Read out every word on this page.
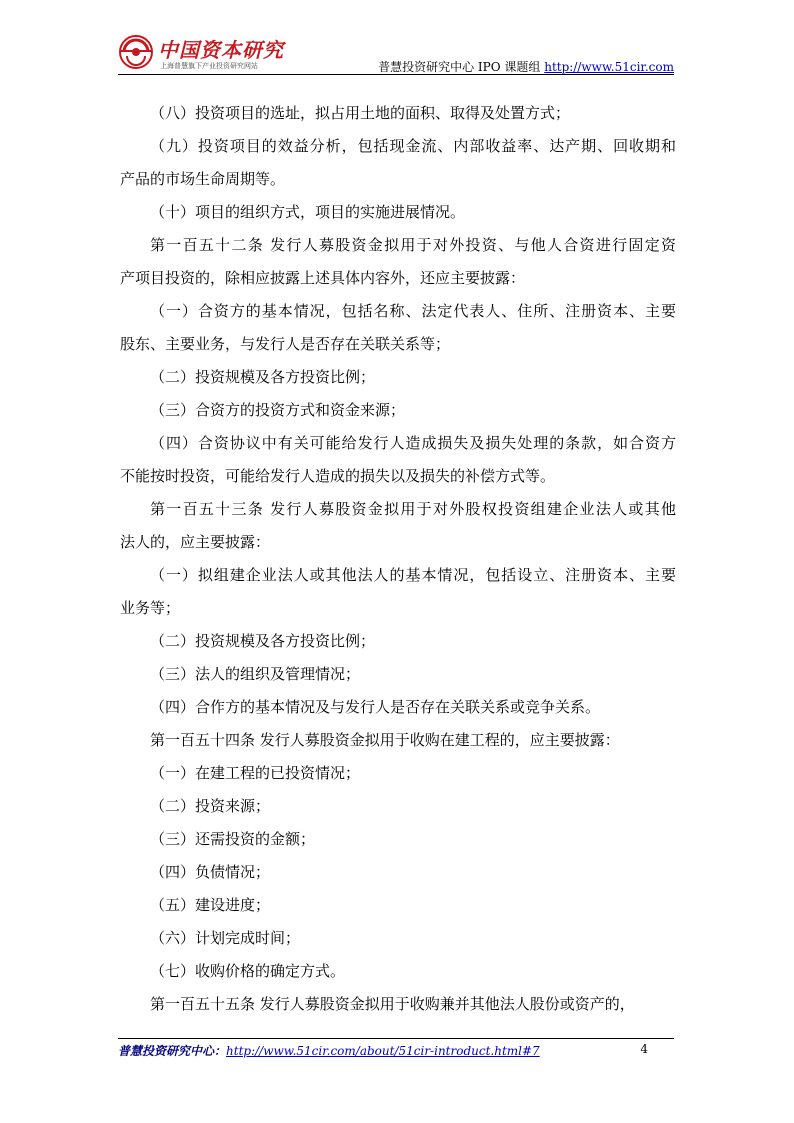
中国资本研究
上海普慧旗下产业投资研究网站	普慧投资研究中心 IPO 课题组 http://www.51cir.com

（八）投资项目的选址，拟占用土地的面积、取得及处置方式；

（九）投资项目的效益分析，包括现金流、内部收益率、达产期、回收期和
产品的市场生命周期等。

（十）项目的组织方式，项目的实施进展情况。

第一百五十二条 发行人募股资金拟用于对外投资、与他人合资进行固定资
产项目投资的，除相应披露上述具体内容外，还应主要披露：

（一）合资方的基本情况，包括名称、法定代表人、住所、注册资本、主要
股东、主要业务，与发行人是否存在关联关系等；

（二）投资规模及各方投资比例；

（三）合资方的投资方式和资金来源；

（四）合资协议中有关可能给发行人造成损失及损失处理的条款，如合资方
不能按时投资，可能给发行人造成的损失以及损失的补偿方式等。

第一百五十三条 发行人募股资金拟用于对外股权投资组建企业法人或其他
法人的，应主要披露：

（一）拟组建企业法人或其他法人的基本情况，包括设立、注册资本、主要
业务等；

（二）投资规模及各方投资比例；

（三）法人的组织及管理情况；

（四）合作方的基本情况及与发行人是否存在关联关系或竞争关系。

第一百五十四条 发行人募股资金拟用于收购在建工程的，应主要披露：

（一）在建工程的已投资情况；

（二）投资来源；

（三）还需投资的金额；

（四）负债情况；

（五）建设进度；

（六）计划完成时间；

（七）收购价格的确定方式。

第一百五十五条 发行人募股资金拟用于收购兼并其他法人股份或资产的，

普慧投资研究中心：http://www.51cir.com/about/51cir-introduct.html#7	4
